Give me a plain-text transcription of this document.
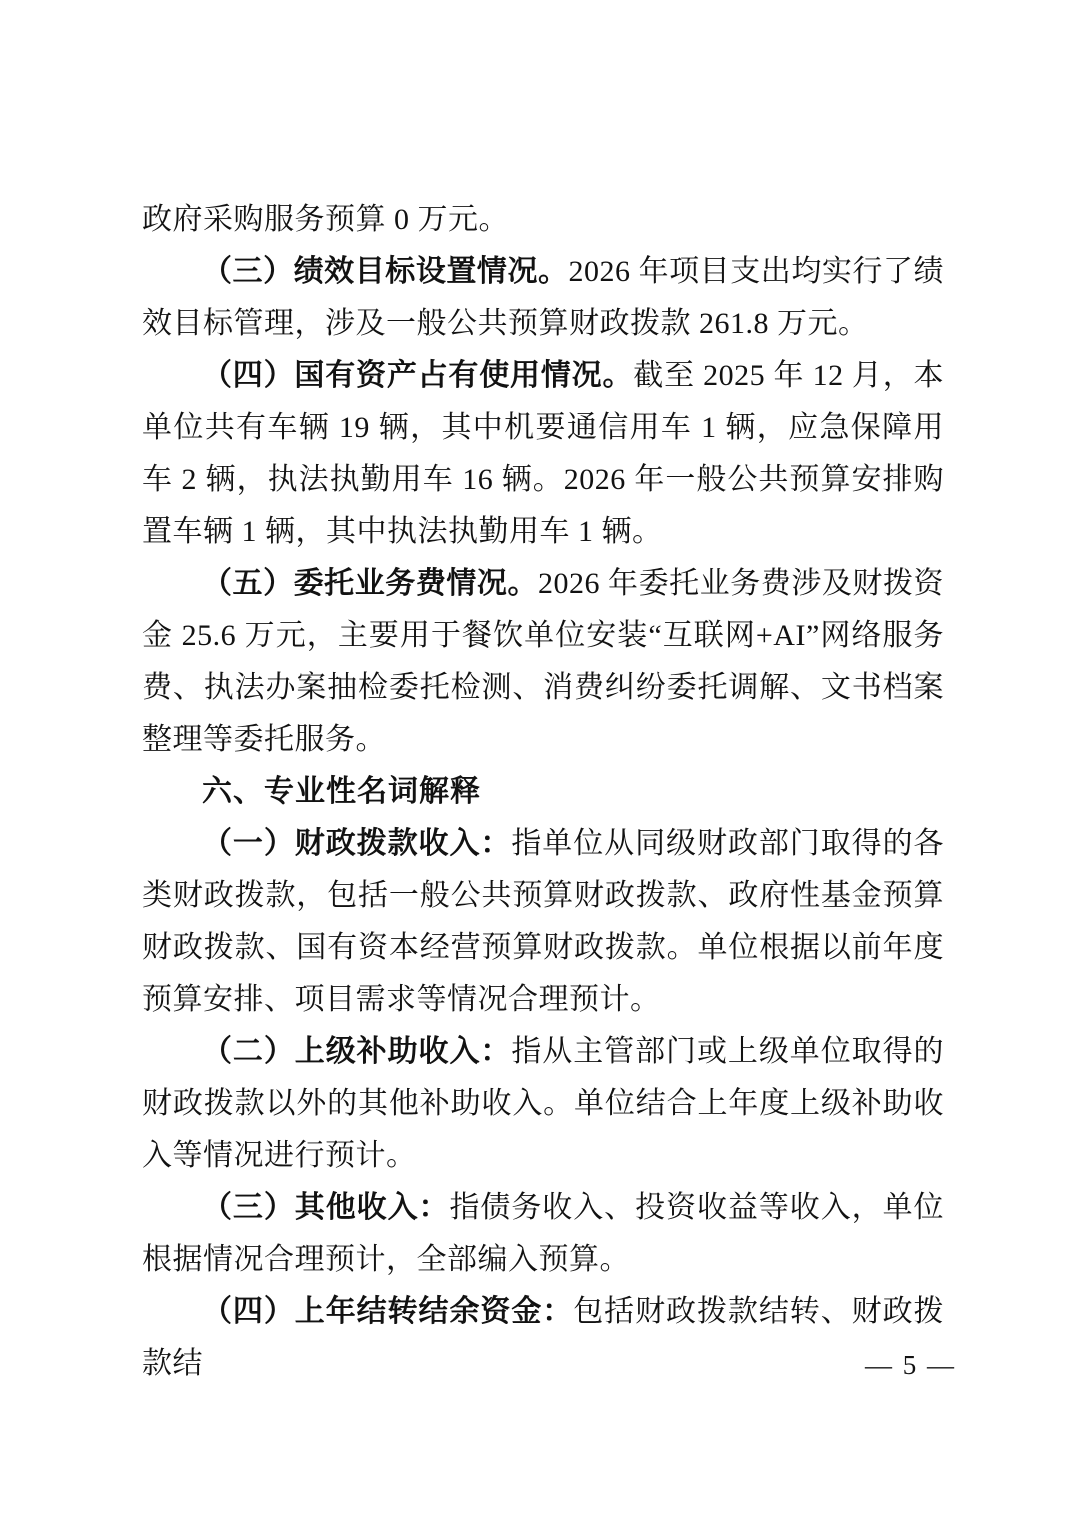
政府采购服务预算 0 万元。

（三）绩效目标设置情况。2026 年项目支出均实行了绩效目标管理，涉及一般公共预算财政拨款 261.8 万元。

（四）国有资产占有使用情况。截至 2025 年 12 月，本单位共有车辆 19 辆，其中机要通信用车 1 辆，应急保障用车 2 辆，执法执勤用车 16 辆。2026 年一般公共预算安排购置车辆 1 辆，其中执法执勤用车 1 辆。

（五）委托业务费情况。2026 年委托业务费涉及财拨资金 25.6 万元，主要用于餐饮单位安装“互联网+AI”网络服务费、执法办案抽检委托检测、消费纠纷委托调解、文书档案整理等委托服务。

六、专业性名词解释

（一）财政拨款收入：指单位从同级财政部门取得的各类财政拨款，包括一般公共预算财政拨款、政府性基金预算财政拨款、国有资本经营预算财政拨款。单位根据以前年度预算安排、项目需求等情况合理预计。

（二）上级补助收入：指从主管部门或上级单位取得的财政拨款以外的其他补助收入。单位结合上年度上级补助收入等情况进行预计。

（三）其他收入：指债务收入、投资收益等收入，单位根据情况合理预计，全部编入预算。

（四）上年结转结余资金：包括财政拨款结转、财政拨款结	— 5 —
